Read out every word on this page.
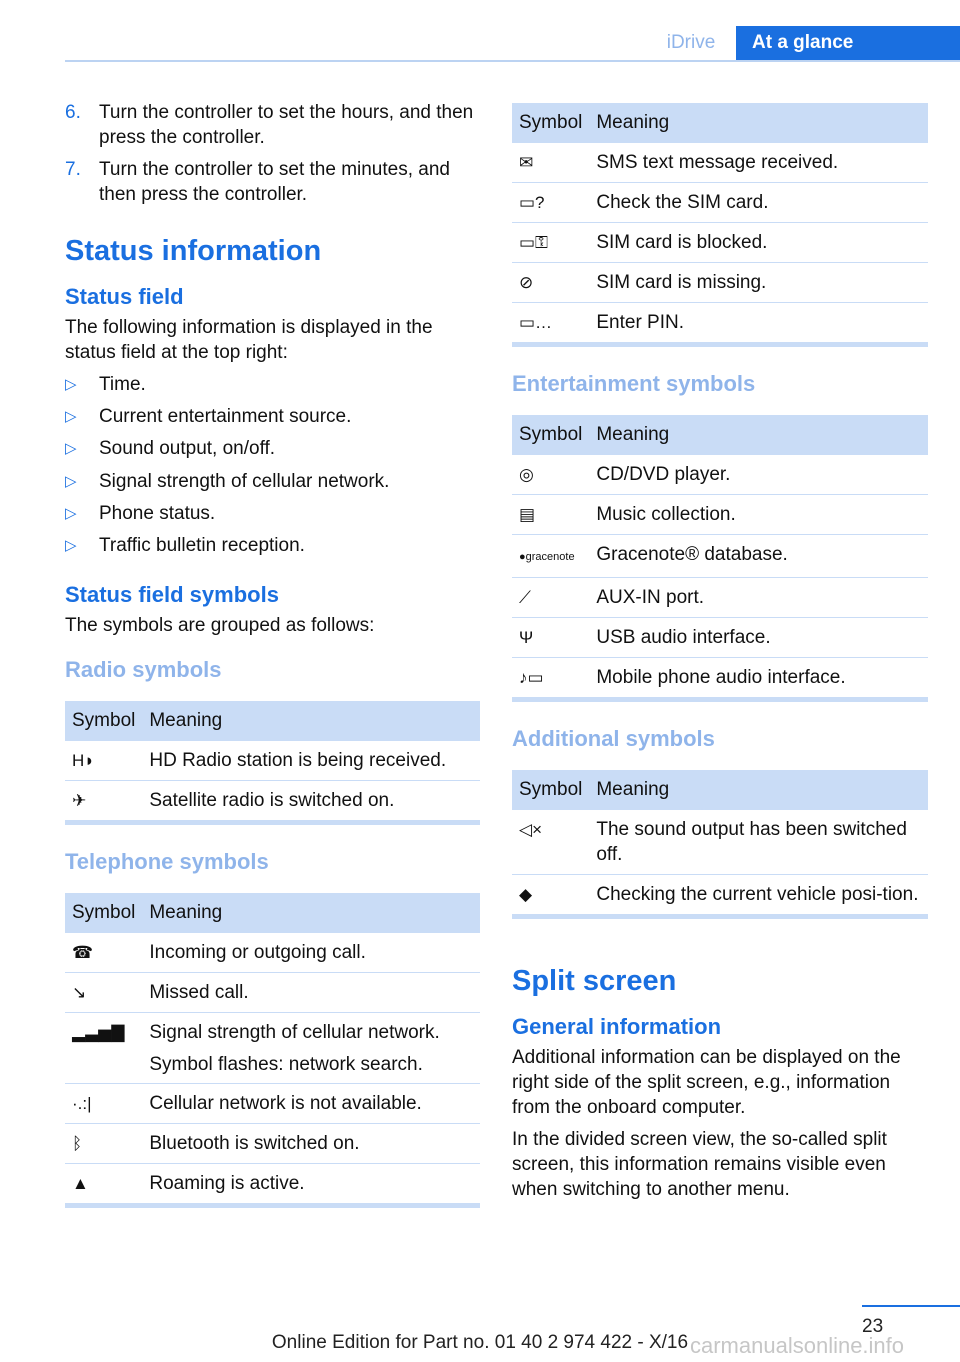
iDrive	At a glance
6. Turn the controller to set the hours, and then press the controller.
7. Turn the controller to set the minutes, and then press the controller.
Status information
Status field

The following information is displayed in the status field at the top right:

▷ Time.
▷ Current entertainment source.
▷ Sound output, on/off.
▷ Signal strength of cellular network.
▷ Phone status.
▷ Traffic bulletin reception.
Status field symbols

The symbols are grouped as follows:

Radio symbols
Symbol	Meaning
H◗	HD Radio station is being received.
✈	Satellite radio is switched on.
Telephone symbols
Symbol	Meaning
☎	Incoming or outgoing call.
↘	Missed call.
▂▃▅▇	Signal strength of cellular network.
Symbol flashes: network search.

·.:|	Cellular network is not available.
ᛒ	Bluetooth is switched on.
▲	Roaming is active.
Symbol	Meaning
✉	SMS text message received.
▭?	Check the SIM card.
▭⚿	SIM card is blocked.
⊘	SIM card is missing.
▭…	Enter PIN.
Entertainment symbols
Symbol	Meaning
◎	CD/DVD player.
▤	Music collection.
●gracenote	Gracenote® database.
⟋	AUX-IN port.
Ψ	USB audio interface.
♪▭	Mobile phone audio interface.
Additional symbols
Symbol	Meaning
◁×	The sound output has been switched off.
◆	Checking the current vehicle posi-tion.
Split screen
General information

Additional information can be displayed on the right side of the split screen, e.g., information from the onboard computer.

In the divided screen view, the so-called split screen, this information remains visible even when switching to another menu.

23
Online Edition for Part no. 01 40 2 974 422 - X/16 carmanualsonline.info
